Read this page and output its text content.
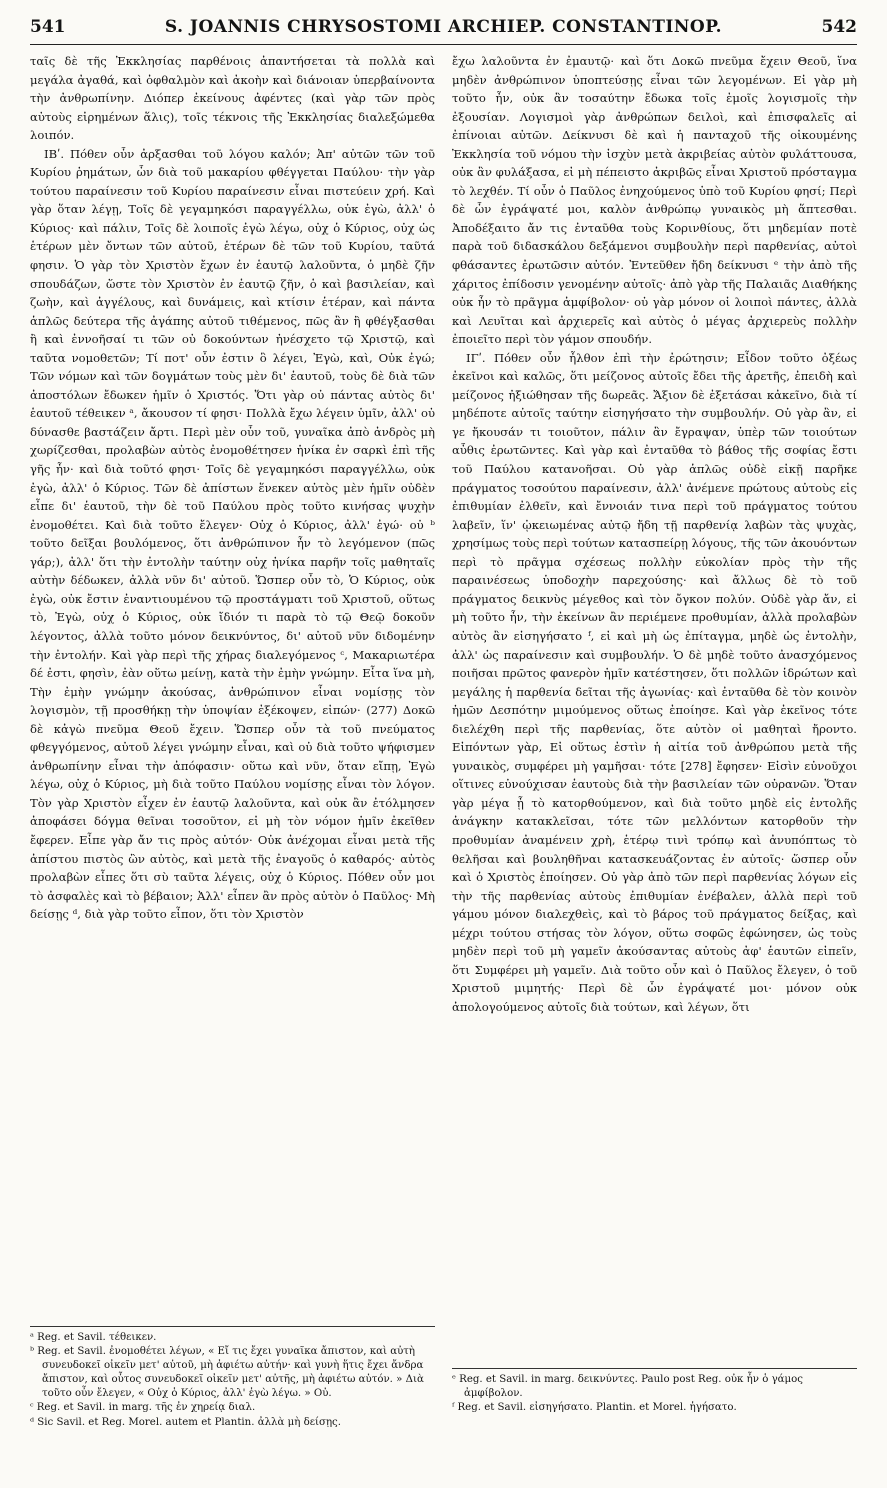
541	S. JOANNIS CHRYSOSTOMI ARCHIEP. CONSTANTINOP.	542

ταῖς δὲ τῆς Ἐκκλησίας παρθένοις ἀπαντήσεται τὰ πολλὰ καὶ μεγάλα ἀγαθά, καὶ ὀφθαλμὸν καὶ ἀκοὴν καὶ διάνοιαν ὑπερβαίνοντα τὴν ἀνθρωπίνην. Διόπερ ἐκείνους ἀφέντες (καὶ γὰρ τῶν πρὸς αὐτοὺς εἰρημένων ἅλις), τοῖς τέκνοις τῆς Ἐκκλησίας διαλεξώμεθα λοιπόν.

ΙΒʹ. Πόθεν οὖν ἀρξασθαι τοῦ λόγου καλόν; Ἀπ' αὐτῶν τῶν τοῦ Κυρίου ῥημάτων, ὧν διὰ τοῦ μακαρίου φθέγγεται Παύλου· τὴν γὰρ τούτου παραίνεσιν τοῦ Κυρίου παραίνεσιν εἶναι πιστεύειν χρή. Καὶ γὰρ ὅταν λέγῃ, Τοῖς δὲ γεγαμηκόσι παραγγέλλω, οὐκ ἐγὼ, ἀλλ' ὁ Κύριος· καὶ πάλιν, Τοῖς δὲ λοιποῖς ἐγὼ λέγω, οὐχ ὁ Κύριος, οὐχ ὡς ἑτέρων μὲν ὄντων τῶν αὐτοῦ, ἑτέρων δὲ τῶν τοῦ Κυρίου, ταῦτά φησιν. Ὁ γὰρ τὸν Χριστὸν ἔχων ἐν ἑαυτῷ λαλοῦντα, ὁ μηδὲ ζῆν σπουδάζων, ὥστε τὸν Χριστὸν ἐν ἑαυτῷ ζῆν, ὁ καὶ βασιλείαν, καὶ ζωὴν, καὶ ἀγγέλους, καὶ δυνάμεις, καὶ κτίσιν ἑτέραν, καὶ πάντα ἁπλῶς δεύτερα τῆς ἀγάπης αὐτοῦ τιθέμενος, πῶς ἂν ἢ φθέγξασθαι ἢ καὶ ἐννοῆσαί τι τῶν οὐ δοκούντων ἠνέσχετο τῷ Χριστῷ, καὶ ταῦτα νομοθετῶν; Τί ποτ' οὖν ἐστιν ὃ λέγει, Ἐγὼ, καὶ, Οὐκ ἐγώ; Τῶν νόμων καὶ τῶν δογμάτων τοὺς μὲν δι' ἑαυτοῦ, τοὺς δὲ διὰ τῶν ἀποστόλων ἔδωκεν ἡμῖν ὁ Χριστός. Ὅτι γὰρ οὐ πάντας αὐτὸς δι' ἑαυτοῦ τέθεικεν ᵃ, ἄκουσον τί φησι· Πολλὰ ἔχω λέγειν ὑμῖν, ἀλλ' οὐ δύνασθε βαστάζειν ἄρτι. Περὶ μὲν οὖν τοῦ, γυναῖκα ἀπὸ ἀνδρὸς μὴ χωρίζεσθαι, προλαβὼν αὐτὸς ἐνομοθέτησεν ἡνίκα ἐν σαρκὶ ἐπὶ τῆς γῆς ἦν· καὶ διὰ τοῦτό φησι· Τοῖς δὲ γεγαμηκόσι παραγγέλλω, οὐκ ἐγὼ, ἀλλ' ὁ Κύριος. Τῶν δὲ ἀπίστων ἕνεκεν αὐτὸς μὲν ἡμῖν οὐδὲν εἶπε δι' ἑαυτοῦ, τὴν δὲ τοῦ Παύλου πρὸς τοῦτο κινήσας ψυχὴν ἐνομοθέτει. Καὶ διὰ τοῦτο ἔλεγεν· Οὐχ ὁ Κύριος, ἀλλ' ἐγώ· οὐ ᵇ τοῦτο δεῖξαι βουλόμενος, ὅτι ἀνθρώπινον ἦν τὸ λεγόμενον (πῶς γάρ;), ἀλλ' ὅτι τὴν ἐντολὴν ταύτην οὐχ ἡνίκα παρῆν τοῖς μαθηταῖς αὐτὴν δέδωκεν, ἀλλὰ νῦν δι' αὐτοῦ. Ὥσπερ οὖν τὸ, Ὁ Κύριος, οὐκ ἐγὼ, οὐκ ἔστιν ἐναντιουμένου τῷ προστάγματι τοῦ Χριστοῦ, οὕτως τὸ, Ἐγὼ, οὐχ ὁ Κύριος, οὐκ ἴδιόν τι παρὰ τὸ τῷ Θεῷ δοκοῦν λέγοντος, ἀλλὰ τοῦτο μόνον δεικνύντος, δι' αὐτοῦ νῦν διδομένην τὴν ἐντολήν. Καὶ γὰρ περὶ τῆς χήρας διαλεγόμενος ᶜ, Μακαριωτέρα δέ ἐστι, φησὶν, ἐὰν οὕτω μείνῃ, κατὰ τὴν ἐμὴν γνώμην. Εἶτα ἵνα μὴ, Τὴν ἐμὴν γνώμην ἀκούσας, ἀνθρώπινον εἶναι νομίσῃς τὸν λογισμὸν, τῇ προσθήκῃ τὴν ὑποψίαν ἐξέκοψεν, εἰπών· (277) Δοκῶ δὲ κἀγὼ πνεῦμα Θεοῦ ἔχειν. Ὥσπερ οὖν τὰ τοῦ πνεύματος φθεγγόμενος, αὐτοῦ λέγει γνώμην εἶναι, καὶ οὐ διὰ τοῦτο ψήφισμεν ἀνθρωπίνην εἶναι τὴν ἀπόφασιν· οὕτω καὶ νῦν, ὅταν εἴπῃ, Ἐγὼ λέγω, οὐχ ὁ Κύριος, μὴ διὰ τοῦτο Παύλου νομίσῃς εἶναι τὸν λόγον. Τὸν γὰρ Χριστὸν εἶχεν ἐν ἑαυτῷ λαλοῦντα, καὶ οὐκ ἂν ἐτόλμησεν ἀποφάσει δόγμα θεῖναι τοσοῦτον, εἰ μὴ τὸν νόμον ἡμῖν ἐκεῖθεν ἔφερεν. Εἶπε γὰρ ἄν τις πρὸς αὐτόν· Οὐκ ἀνέχομαι εἶναι μετὰ τῆς ἀπίστου πιστὸς ὢν αὐτὸς, καὶ μετὰ τῆς ἐναγοῦς ὁ καθαρός· αὐτὸς προλαβὼν εἶπες ὅτι σὺ ταῦτα λέγεις, οὐχ ὁ Κύριος. Πόθεν οὖν μοι τὸ ἀσφαλὲς καὶ τὸ βέβαιον; Ἀλλ' εἶπεν ἂν πρὸς αὐτὸν ὁ Παῦλος· Μὴ δείσῃς ᵈ, διὰ γὰρ τοῦτο εἶπον, ὅτι τὸν Χριστὸν

ἔχω λαλοῦντα ἐν ἐμαυτῷ· καὶ ὅτι Δοκῶ πνεῦμα ἔχειν Θεοῦ, ἵνα μηδὲν ἀνθρώπινον ὑποπτεύσῃς εἶναι τῶν λεγομένων. Εἰ γὰρ μὴ τοῦτο ἦν, οὐκ ἂν τοσαύτην ἔδωκα τοῖς ἐμοῖς λογισμοῖς τὴν ἐξουσίαν. Λογισμοὶ γὰρ ἀνθρώπων δειλοὶ, καὶ ἐπισφαλεῖς αἱ ἐπίνοιαι αὐτῶν. Δείκνυσι δὲ καὶ ἡ πανταχοῦ τῆς οἰκουμένης Ἐκκλησία τοῦ νόμου τὴν ἰσχὺν μετὰ ἀκριβείας αὐτὸν φυλάττουσα, οὐκ ἂν φυλάξασα, εἰ μὴ πέπειστο ἀκριβῶς εἶναι Χριστοῦ πρόσταγμα τὸ λεχθέν. Τί οὖν ὁ Παῦλος ἐνηχούμενος ὑπὸ τοῦ Κυρίου φησί; Περὶ δὲ ὧν ἐγράψατέ μοι, καλὸν ἀνθρώπῳ γυναικὸς μὴ ἅπτεσθαι. Ἀποδέξαιτο ἄν τις ἐνταῦθα τοὺς Κορινθίους, ὅτι μηδεμίαν ποτὲ παρὰ τοῦ διδασκάλου δεξάμενοι συμβουλὴν περὶ παρθενίας, αὐτοὶ φθάσαντες ἐρωτῶσιν αὐτόν. Ἐντεῦθεν ἤδη δείκνυσι ᵉ τὴν ἀπὸ τῆς χάριτος ἐπίδοσιν γενομένην αὐτοῖς· ἀπὸ γὰρ τῆς Παλαιᾶς Διαθήκης οὐκ ἦν τὸ πρᾶγμα ἀμφίβολον· οὐ γὰρ μόνον οἱ λοιποὶ πάντες, ἀλλὰ καὶ Λευῖται καὶ ἀρχιερεῖς καὶ αὐτὸς ὁ μέγας ἀρχιερεὺς πολλὴν ἐποιεῖτο περὶ τὸν γάμον σπουδήν.

ΙΓʹ. Πόθεν οὖν ἦλθον ἐπὶ τὴν ἐρώτησιν; Εἶδον τοῦτο ὀξέως ἐκεῖνοι καὶ καλῶς, ὅτι μείζονος αὐτοῖς ἔδει τῆς ἀρετῆς, ἐπειδὴ καὶ μείζονος ἠξιώθησαν τῆς δωρεᾶς. Ἄξιον δὲ ἐξετάσαι κἀκεῖνο, διὰ τί μηδέποτε αὐτοῖς ταύτην εἰσηγήσατο τὴν συμβουλήν. Οὐ γὰρ ἂν, εἰ γε ἤκουσάν τι τοιοῦτον, πάλιν ἂν ἔγραψαν, ὑπὲρ τῶν τοιούτων αὖθις ἐρωτῶντες. Καὶ γὰρ καὶ ἐνταῦθα τὸ βάθος τῆς σοφίας ἔστι τοῦ Παύλου κατανοῆσαι. Οὐ γὰρ ἁπλῶς οὐδὲ εἰκῇ παρῆκε πράγματος τοσούτου παραίνεσιν, ἀλλ' ἀνέμενε πρώτους αὐτοὺς εἰς ἐπιθυμίαν ἐλθεῖν, καὶ ἔννοιάν τινα περὶ τοῦ πράγματος τούτου λαβεῖν, ἵν' ᾠκειωμένας αὐτῷ ἤδη τῇ παρθενίᾳ λαβὼν τὰς ψυχὰς, χρησίμως τοὺς περὶ τούτων κατασπείρῃ λόγους, τῆς τῶν ἀκουόντων περὶ τὸ πρᾶγμα σχέσεως πολλὴν εὐκολίαν πρὸς τὴν τῆς παραινέσεως ὑποδοχὴν παρεχούσης· καὶ ἄλλως δὲ τὸ τοῦ πράγματος δεικνὺς μέγεθος καὶ τὸν ὄγκον πολύν. Οὐδὲ γὰρ ἄν, εἰ μὴ τοῦτο ἦν, τὴν ἐκείνων ἂν περιέμενε προθυμίαν, ἀλλὰ προλαβὼν αὐτὸς ἂν εἰσηγήσατο ᶠ, εἰ καὶ μὴ ὡς ἐπίταγμα, μηδὲ ὡς ἐντολὴν, ἀλλ' ὡς παραίνεσιν καὶ συμβουλήν. Ὁ δὲ μηδὲ τοῦτο ἀνασχόμενος ποιῆσαι πρῶτος φανερὸν ἡμῖν κατέστησεν, ὅτι πολλῶν ἱδρώτων καὶ μεγάλης ἡ παρθενία δεῖται τῆς ἀγωνίας· καὶ ἐνταῦθα δὲ τὸν κοινὸν ἡμῶν Δεσπότην μιμούμενος οὕτως ἐποίησε. Καὶ γὰρ ἐκεῖνος τότε διελέχθη περὶ τῆς παρθενίας, ὅτε αὐτὸν οἱ μαθηταὶ ἤροντο. Εἰπόντων γὰρ, Εἰ οὕτως ἐστὶν ἡ αἰτία τοῦ ἀνθρώπου μετὰ τῆς γυναικὸς, συμφέρει μὴ γαμῆσαι· τότε [278] ἔφησεν· Εἰσὶν εὐνοῦχοι οἵτινες εὐνούχισαν ἑαυτοὺς διὰ τὴν βασιλείαν τῶν οὐρανῶν. Ὅταν γὰρ μέγα ᾖ τὸ κατορθούμενον, καὶ διὰ τοῦτο μηδὲ εἰς ἐντολῆς ἀνάγκην κατακλεῖσαι, τότε τῶν μελλόντων κατορθοῦν τὴν προθυμίαν ἀναμένειν χρὴ, ἑτέρῳ τινὶ τρόπῳ καὶ ἀνυπόπτως τὸ θελῆσαι καὶ βουληθῆναι κατασκευάζοντας ἐν αὐτοῖς· ὥσπερ οὖν καὶ ὁ Χριστὸς ἐποίησεν. Οὐ γὰρ ἀπὸ τῶν περὶ παρθενίας λόγων εἰς τὴν τῆς παρθενίας αὐτοὺς ἐπιθυμίαν ἐνέβαλεν, ἀλλὰ περὶ τοῦ γάμου μόνον διαλεχθεὶς, καὶ τὸ βάρος τοῦ πράγματος δείξας, καὶ μέχρι τούτου στήσας τὸν λόγον, οὕτω σοφῶς ἐφώνησεν, ὡς τοὺς μηδὲν περὶ τοῦ μὴ γαμεῖν ἀκούσαντας αὐτοὺς ἀφ' ἑαυτῶν εἰπεῖν, ὅτι Συμφέρει μὴ γαμεῖν. Διὰ τοῦτο οὖν καὶ ὁ Παῦλος ἔλεγεν, ὁ τοῦ Χριστοῦ μιμητής· Περὶ δὲ ὧν ἐγράψατέ μοι· μόνον οὐκ ἀπολογούμενος αὐτοῖς διὰ τούτων, καὶ λέγων, ὅτι

ᵃ Reg. et Savil. τέθεικεν.
ᵇ Reg. et Savil. ἐνομοθέτει λέγων, « Εἴ τις ἔχει γυναῖκα ἄπιστον, καὶ αὐτὴ συνευδοκεῖ οἰκεῖν μετ' αὐτοῦ, μὴ ἀφιέτω αὐτήν· καὶ γυνὴ ἥτις ἔχει ἄνδρα ἄπιστον, καὶ οὗτος συνευδοκεῖ οἰκεῖν μετ' αὐτῆς, μὴ ἀφιέτω αὐτόν. » Διὰ τοῦτο οὖν ἔλεγεν, « Οὐχ ὁ Κύριος, ἀλλ' ἐγὼ λέγω. » Οὐ.
ᶜ Reg. et Savil. in marg. τῆς ἐν χηρείᾳ διαλ.
ᵈ Sic Savil. et Reg. Morel. autem et Plantin. ἀλλὰ μὴ δείσῃς.
ᵉ Reg. et Savil. in marg. δεικνύντες. Paulo post Reg. οὐκ ἦν ὁ γάμος ἀμφίβολον.
ᶠ Reg. et Savil. εἰσηγήσατο. Plantin. et Morel. ἡγήσατο.
